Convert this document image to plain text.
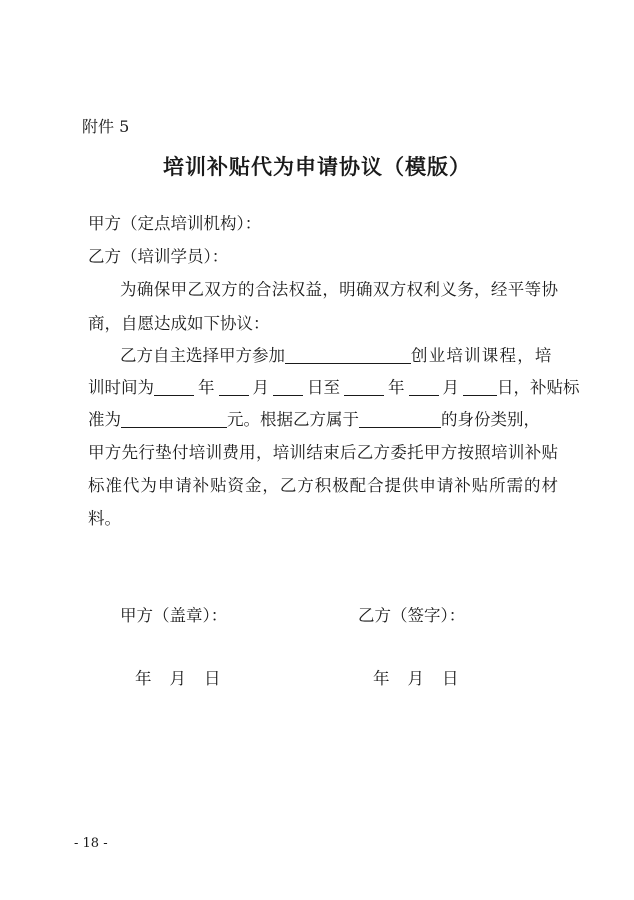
附件 5
培训补贴代为申请协议（模版）
甲方（定点培训机构）：
乙方（培训学员）：
为确保甲乙双方的合法权益，明确双方权利义务，经平等协
商，自愿达成如下协议：
乙方自主选择甲方参加	创业培训课程，培
训时间为	年 月 日至	年 月 日，补贴标
准为	元。根据乙方属于	的身份类别，
甲方先行垫付培训费用，培训结束后乙方委托甲方按照培训补贴
标准代为申请补贴资金，乙方积极配合提供申请补贴所需的材
料。
甲方（盖章）：	乙方（签字）：
年 月 日	年 月 日
- 18 -
